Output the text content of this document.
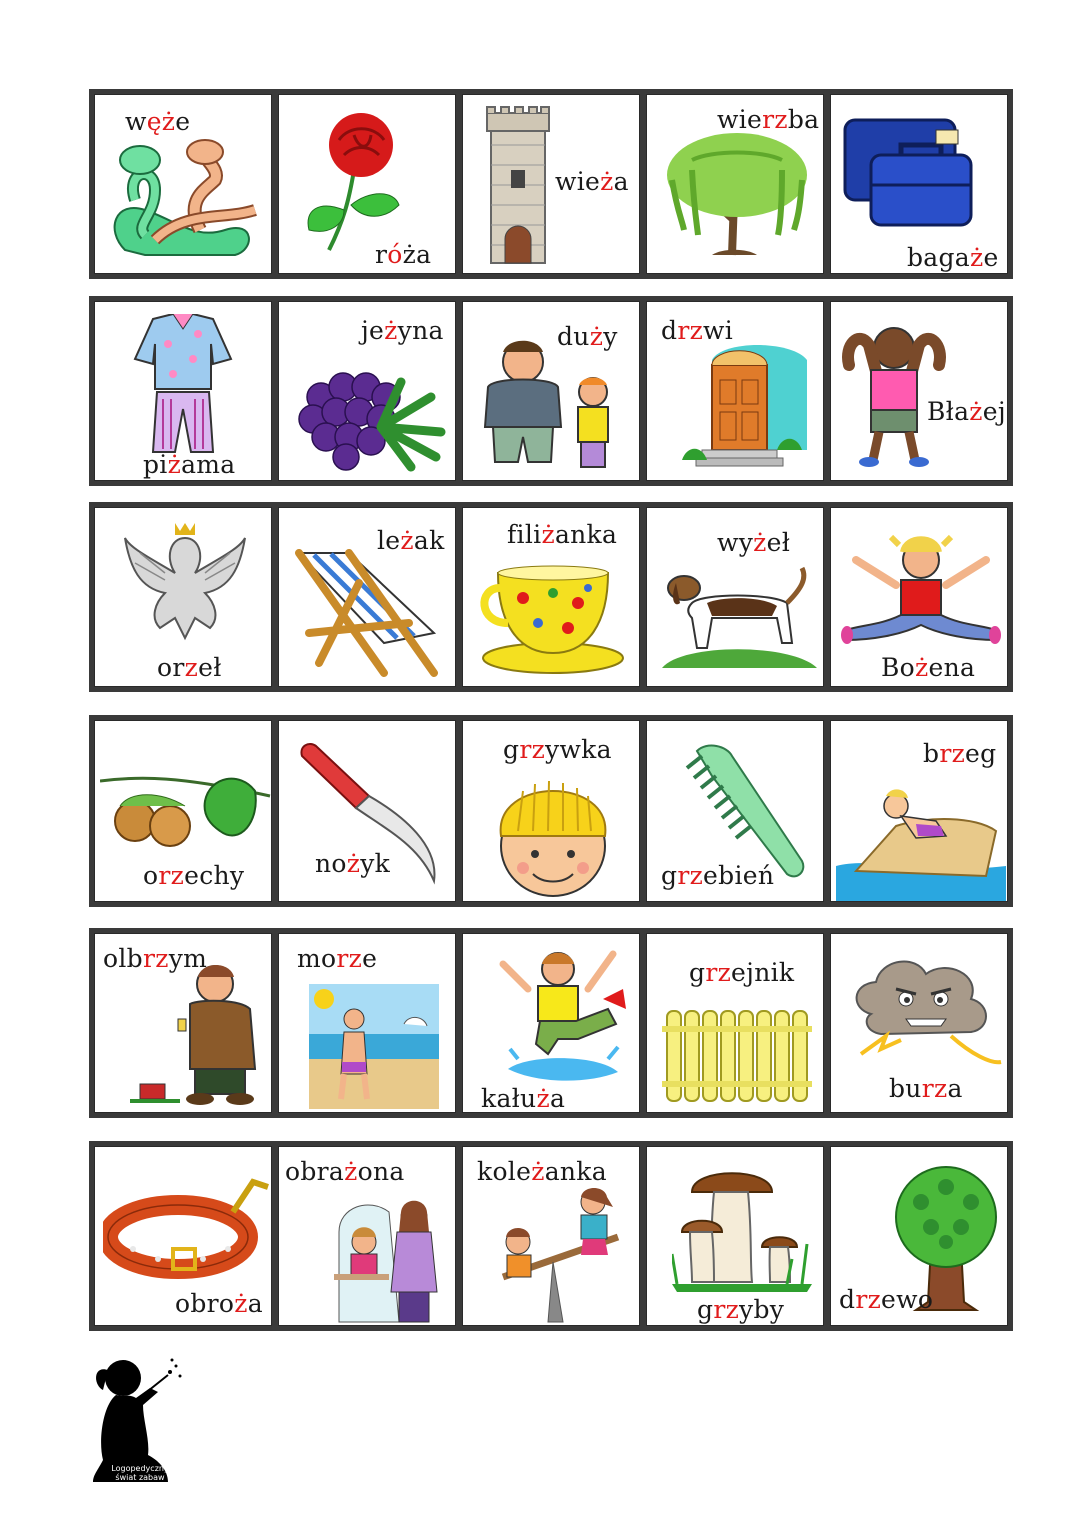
węże
róża
wieża
wierzba
bagaże
piżama
jeżyna	duży drzwi
Błażej
orzeł
leżak filiżanka	wyżeł
Bożena
orzechy	nożyk
grzywka
grzebień
brzeg
olbrzym	morze
kałuża
grzejnik
burza
obroża
obrażona	koleżanka
grzyby drzewo
Logopedyczny
świat zabaw
